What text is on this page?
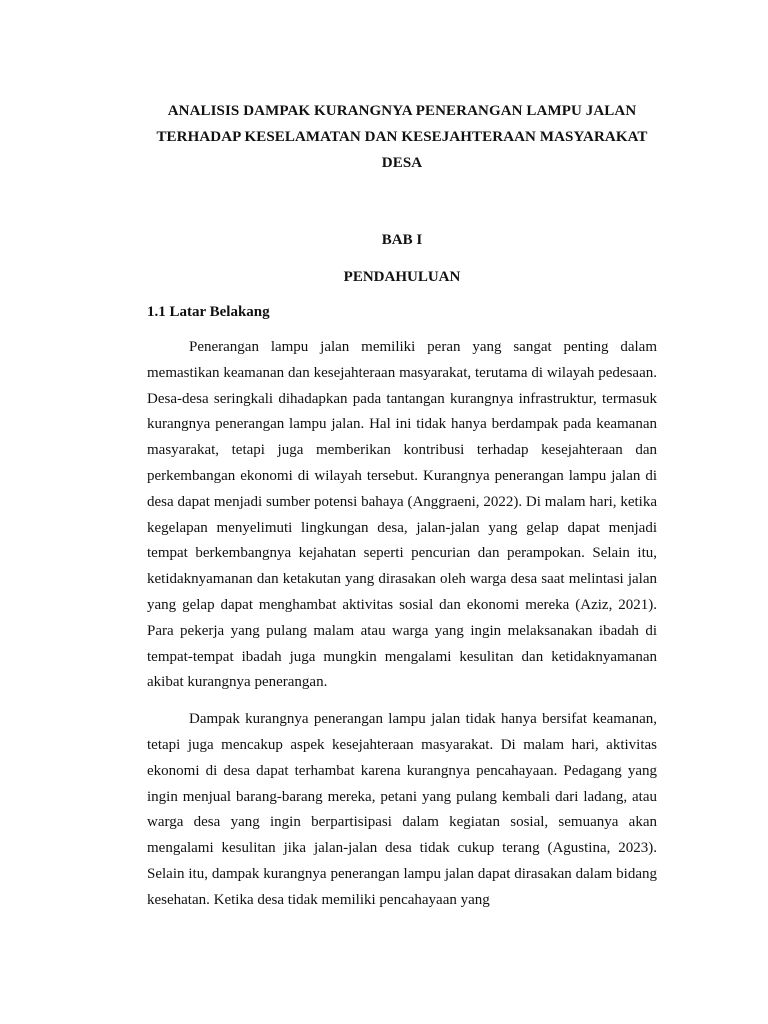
ANALISIS DAMPAK KURANGNYA PENERANGAN LAMPU JALAN TERHADAP KESELAMATAN DAN KESEJAHTERAAN MASYARAKAT DESA
BAB I
PENDAHULUAN
1.1 Latar Belakang

Penerangan lampu jalan memiliki peran yang sangat penting dalam memastikan keamanan dan kesejahteraan masyarakat, terutama di wilayah pedesaan. Desa-desa seringkali dihadapkan pada tantangan kurangnya infrastruktur, termasuk kurangnya penerangan lampu jalan. Hal ini tidak hanya berdampak pada keamanan masyarakat, tetapi juga memberikan kontribusi terhadap kesejahteraan dan perkembangan ekonomi di wilayah tersebut. Kurangnya penerangan lampu jalan di desa dapat menjadi sumber potensi bahaya (Anggraeni, 2022). Di malam hari, ketika kegelapan menyelimuti lingkungan desa, jalan-jalan yang gelap dapat menjadi tempat berkembangnya kejahatan seperti pencurian dan perampokan. Selain itu, ketidaknyamanan dan ketakutan yang dirasakan oleh warga desa saat melintasi jalan yang gelap dapat menghambat aktivitas sosial dan ekonomi mereka (Aziz, 2021). Para pekerja yang pulang malam atau warga yang ingin melaksanakan ibadah di tempat-tempat ibadah juga mungkin mengalami kesulitan dan ketidaknyamanan akibat kurangnya penerangan.

Dampak kurangnya penerangan lampu jalan tidak hanya bersifat keamanan, tetapi juga mencakup aspek kesejahteraan masyarakat. Di malam hari, aktivitas ekonomi di desa dapat terhambat karena kurangnya pencahayaan. Pedagang yang ingin menjual barang-barang mereka, petani yang pulang kembali dari ladang, atau warga desa yang ingin berpartisipasi dalam kegiatan sosial, semuanya akan mengalami kesulitan jika jalan-jalan desa tidak cukup terang (Agustina, 2023). Selain itu, dampak kurangnya penerangan lampu jalan dapat dirasakan dalam bidang kesehatan. Ketika desa tidak memiliki pencahayaan yang
